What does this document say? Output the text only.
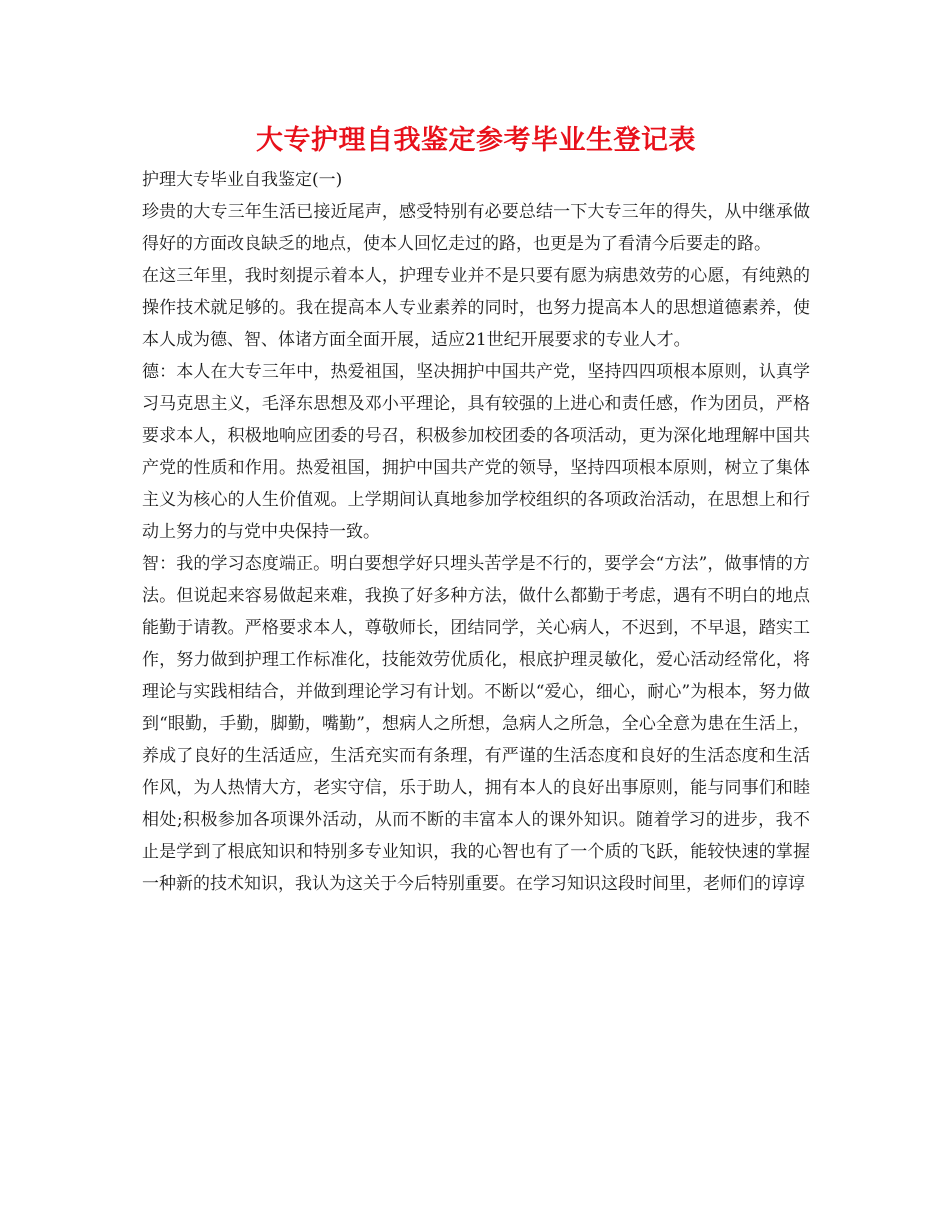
大专护理自我鉴定参考毕业生登记表

护理大专毕业自我鉴定(一)

珍贵的大专三年生活已接近尾声，感受特别有必要总结一下大专三年的得失，从中继承做得好的方面改良缺乏的地点，使本人回忆走过的路，也更是为了看清今后要走的路。

在这三年里，我时刻提示着本人，护理专业并不是只要有愿为病患效劳的心愿，有纯熟的操作技术就足够的。我在提高本人专业素养的同时，也努力提高本人的思想道德素养，使本人成为德、智、体诸方面全面开展，适应21世纪开展要求的专业人才。

德：本人在大专三年中，热爱祖国，坚决拥护中国共产党，坚持四四项根本原则，认真学习马克思主义，毛泽东思想及邓小平理论，具有较强的上进心和责任感，作为团员，严格要求本人，积极地响应团委的号召，积极参加校团委的各项活动，更为深化地理解中国共产党的性质和作用。热爱祖国，拥护中国共产党的领导，坚持四项根本原则，树立了集体主义为核心的人生价值观。上学期间认真地参加学校组织的各项政治活动，在思想上和行动上努力的与党中央保持一致。

智：我的学习态度端正。明白要想学好只埋头苦学是不行的，要学会“方法”，做事情的方法。但说起来容易做起来难，我换了好多种方法，做什么都勤于考虑，遇有不明白的地点能勤于请教。严格要求本人，尊敬师长，团结同学，关心病人，不迟到，不早退，踏实工作，努力做到护理工作标准化，技能效劳优质化，根底护理灵敏化，爱心活动经常化，将理论与实践相结合，并做到理论学习有计划。不断以“爱心，细心，耐心”为根本，努力做到“眼勤，手勤，脚勤，嘴勤”，想病人之所想，急病人之所急，全心全意为患在生活上，养成了良好的生活适应，生活充实而有条理，有严谨的生活态度和良好的生活态度和生活作风，为人热情大方，老实守信，乐于助人，拥有本人的良好出事原则，能与同事们和睦相处;积极参加各项课外活动，从而不断的丰富本人的课外知识。随着学习的进步，我不止是学到了根底知识和特别多专业知识，我的心智也有了一个质的飞跃，能较快速的掌握一种新的技术知识，我认为这关于今后特别重要。在学习知识这段时间里，老师们的谆谆
